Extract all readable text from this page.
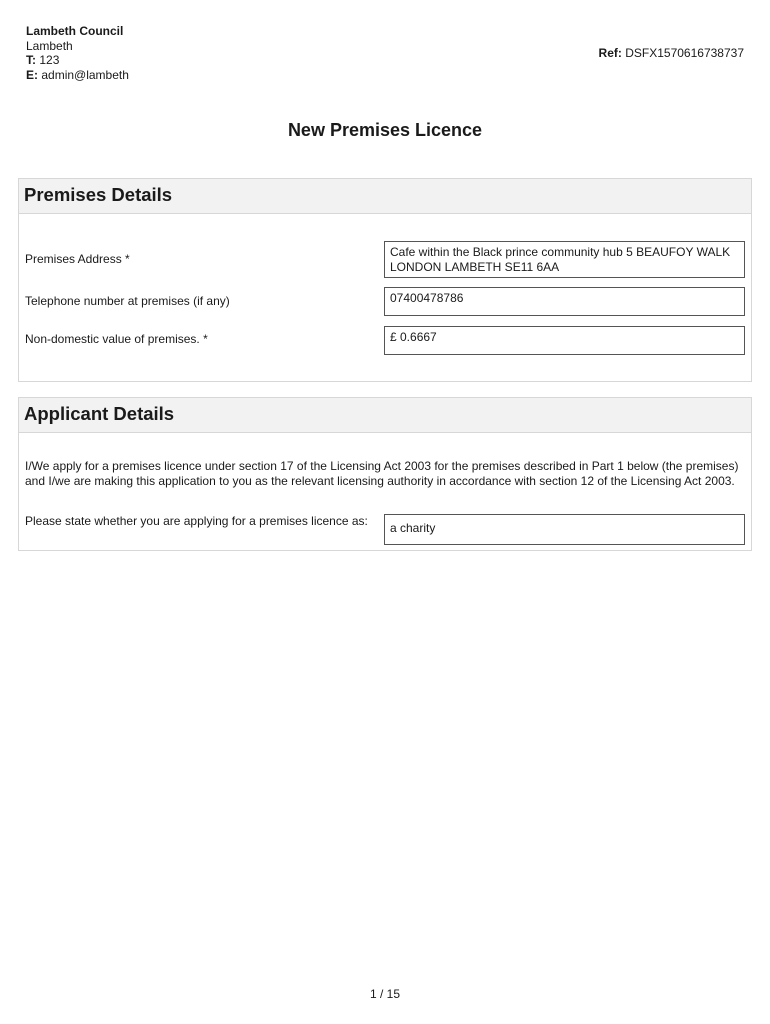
Lambeth Council
Lambeth
T: 123
E: admin@lambeth
Ref: DSFX1570616738737
New Premises Licence
Premises Details
Premises Address *	Cafe within the Black prince community hub 5 BEAUFOY WALK LONDON LAMBETH SE11 6AA
Telephone number at premises (if any)	07400478786
Non-domestic value of premises. *	£ 0.6667
Applicant Details
I/We apply for a premises licence under section 17 of the Licensing Act 2003 for the premises described in Part 1 below (the premises) and I/we are making this application to you as the relevant licensing authority in accordance with section 12 of the Licensing Act 2003.
Please state whether you are applying for a premises licence as:	a charity
1 / 15
